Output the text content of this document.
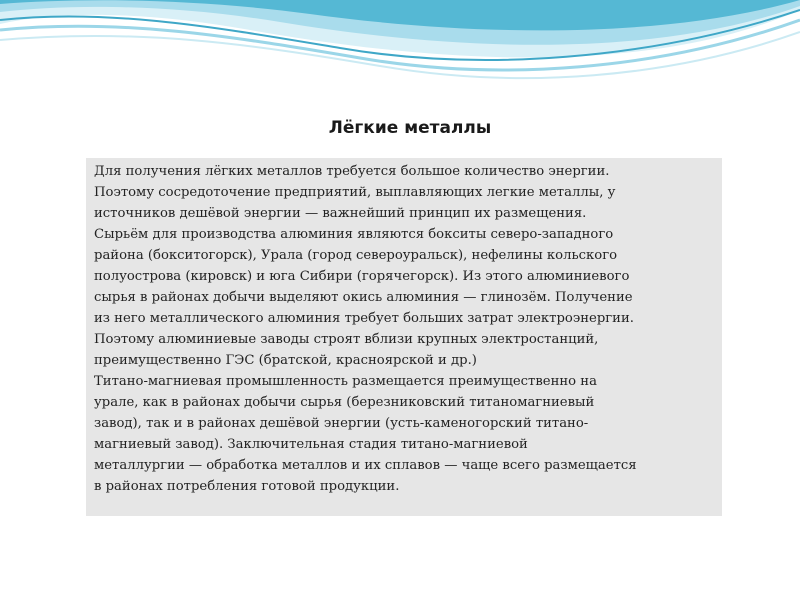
Лёгкие металлы
Для получения лёгких металлов требуется большое количество энергии.
Поэтому сосредоточение предприятий, выплавляющих легкие металлы, у
источников дешёвой энергии — важнейший принцип их размещения.
Сырьём для производства алюминия являются бокситы северо-западного
района (бокситогорск), Урала (город североуральск), нефелины кольского
полуострова (кировск) и юга Сибири (горячегорск). Из этого алюминиевого
сырья в районах добычи выделяют окись алюминия — глинозём. Получение
из него металлического алюминия требует больших затрат электроэнергии.
Поэтому алюминиевые заводы строят вблизи крупных электростанций,
преимущественно ГЭС (братской, красноярской и др.)
Титано-магниевая промышленность размещается преимущественно на
урале, как в районах добычи сырья (березниковский титаномагниевый
завод), так и в районах дешёвой энергии (усть-каменогорский титано-
магниевый завод). Заключительная стадия титано-магниевой
металлургии — обработка металлов и их сплавов — чаще всего размещается
в районах потребления готовой продукции.
